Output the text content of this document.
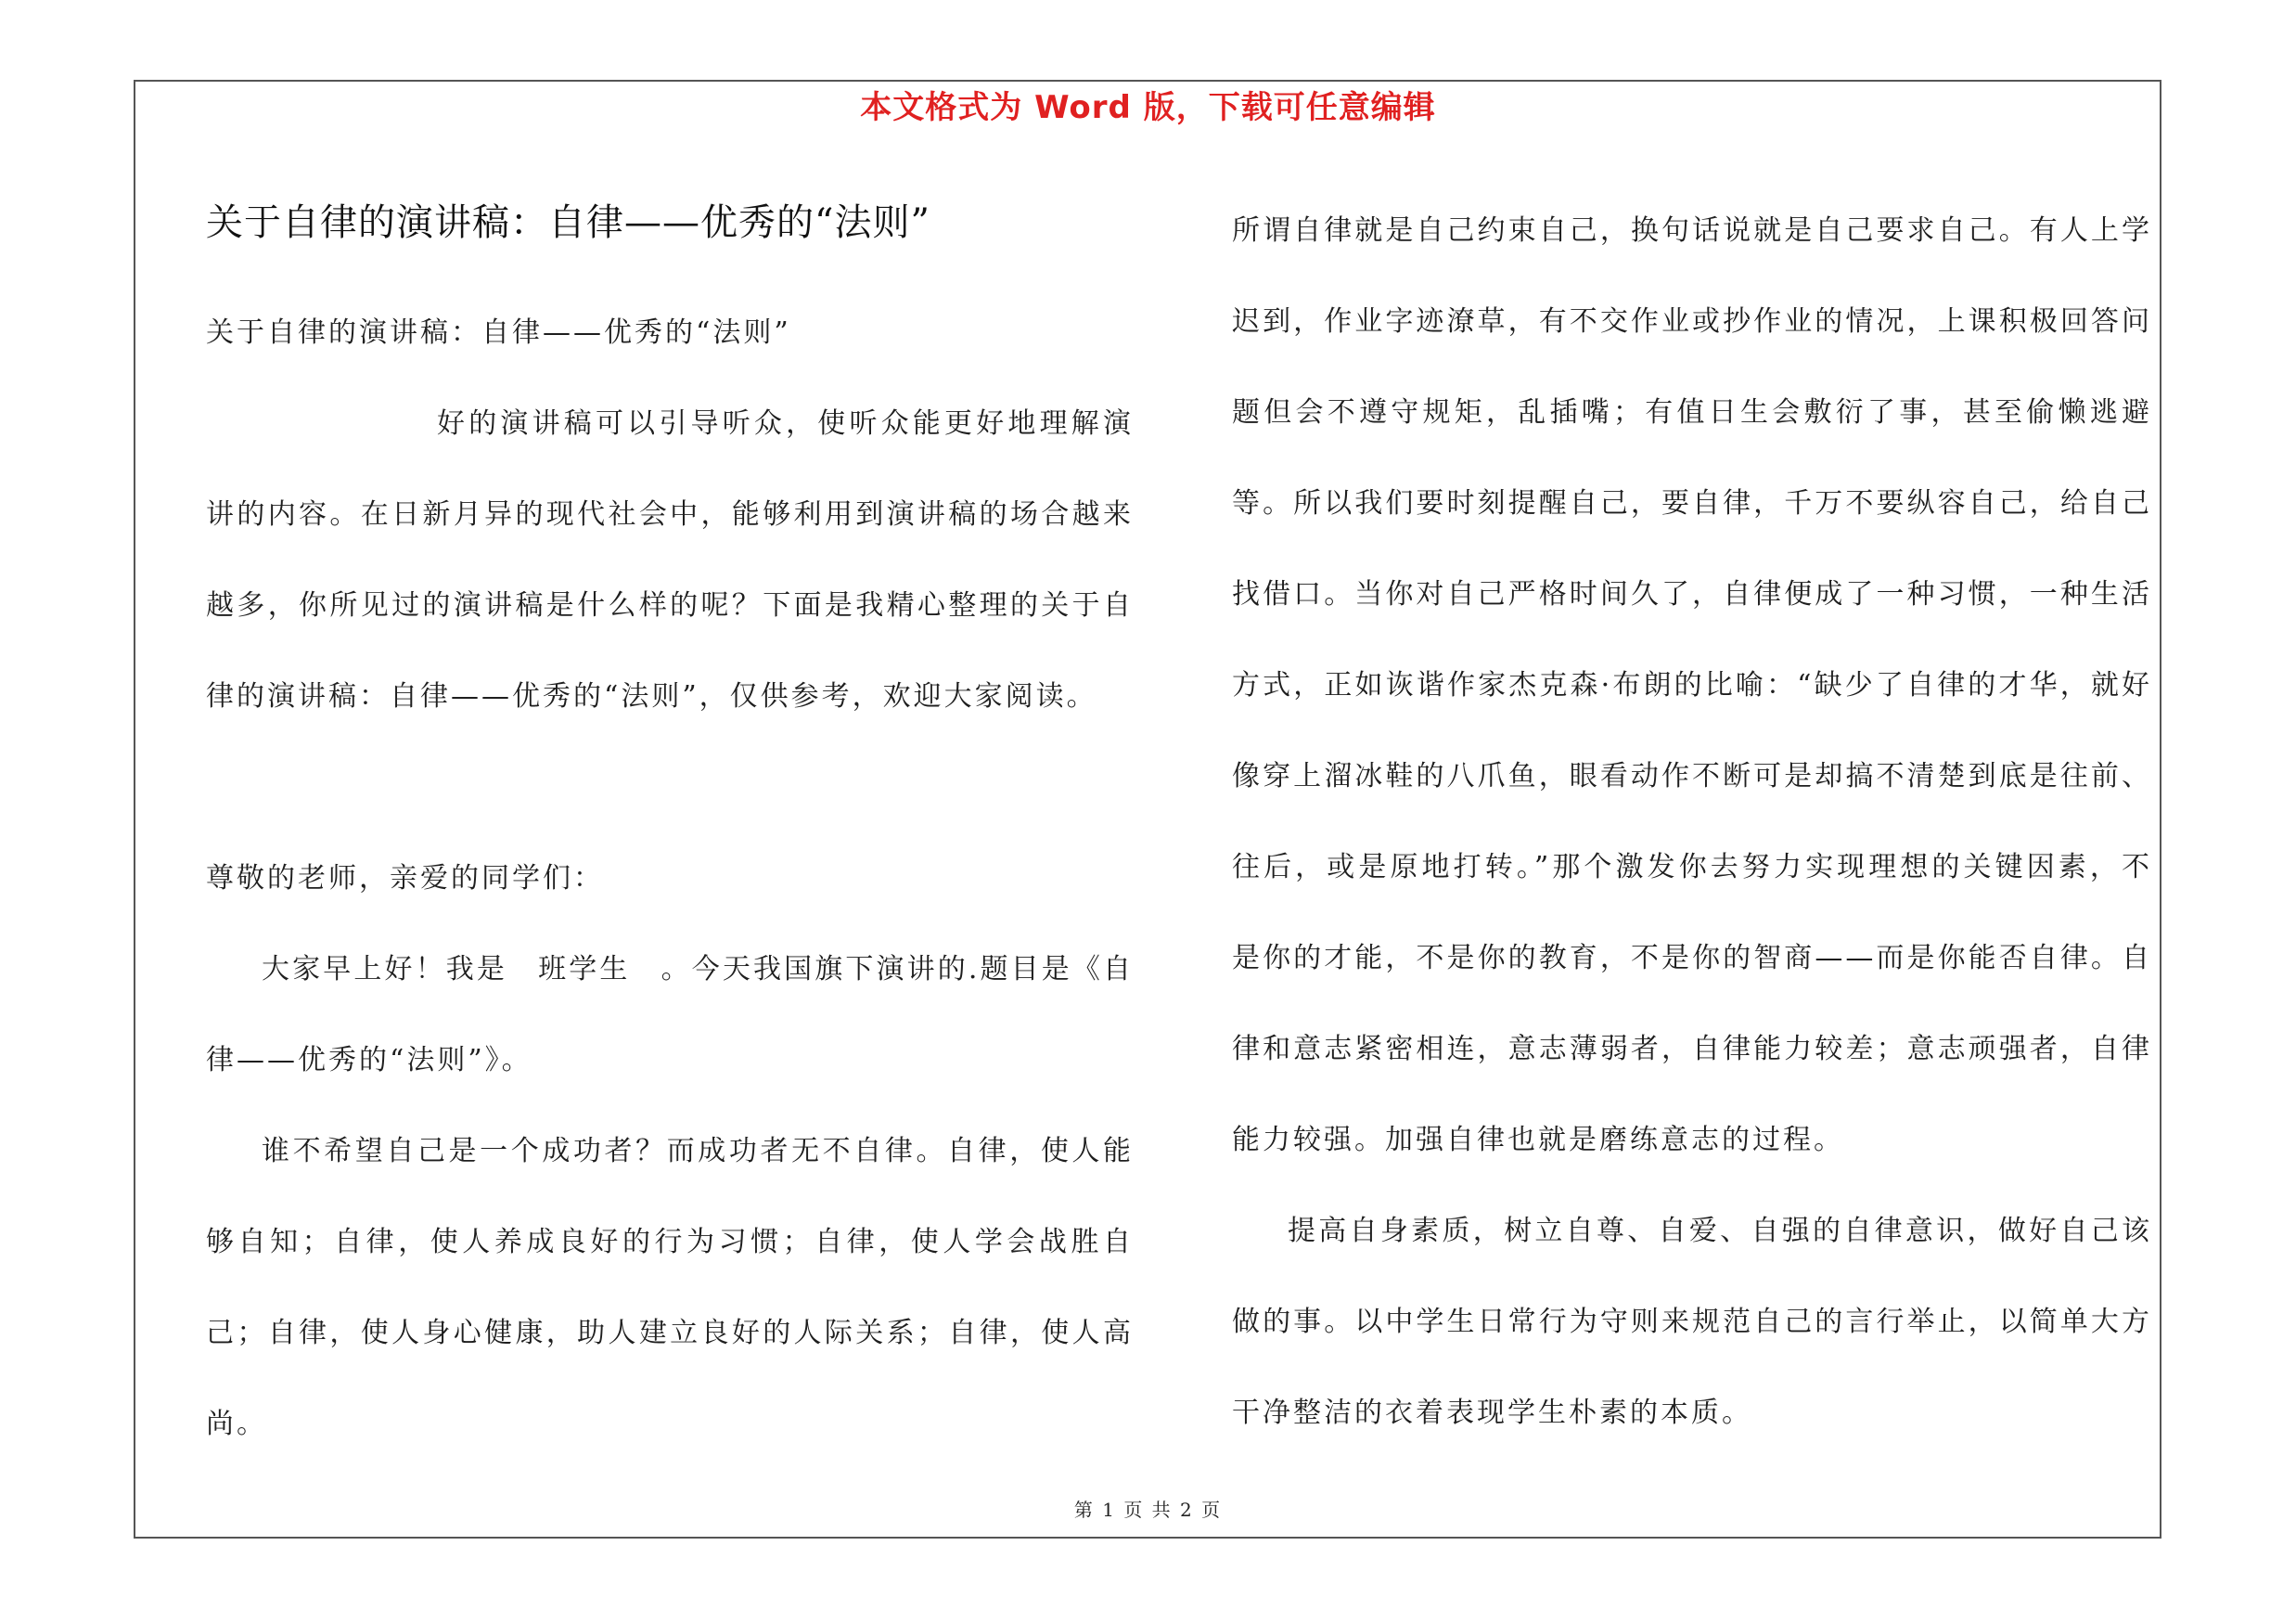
本文格式为 Word 版，下载可任意编辑
关于自律的演讲稿：自律——优秀的“法则”

关于自律的演讲稿：自律——优秀的“法则”

好的演讲稿可以引导听众，使听众能更好地理解演讲的内容。在日新月异的现代社会中，能够利用到演讲稿的场合越来越多，你所见过的演讲稿是什么样的呢？下面是我精心整理的关于自律的演讲稿：自律——优秀的“法则”，仅供参考，欢迎大家阅读。

尊敬的老师，亲爱的同学们：

大家早上好！我是　班学生　。今天我国旗下演讲的.题目是《自律——优秀的“法则”》。

谁不希望自己是一个成功者？而成功者无不自律。自律，使人能够自知；自律，使人养成良好的行为习惯；自律，使人学会战胜自己；自律，使人身心健康，助人建立良好的人际关系；自律，使人高尚。

所谓自律就是自己约束自己，换句话说就是自己要求自己。有人上学迟到，作业字迹潦草，有不交作业或抄作业的情况，上课积极回答问题但会不遵守规矩，乱插嘴；有值日生会敷衍了事，甚至偷懒逃避等。所以我们要时刻提醒自己，要自律，千万不要纵容自己，给自己找借口。当你对自己严格时间久了，自律便成了一种习惯，一种生活方式，正如诙谐作家杰克森·布朗的比喻：“缺少了自律的才华，就好像穿上溜冰鞋的八爪鱼，眼看动作不断可是却搞不清楚到底是往前、往后，或是原地打转。”那个激发你去努力实现理想的关键因素，不是你的才能，不是你的教育，不是你的智商——而是你能否自律。自律和意志紧密相连，意志薄弱者，自律能力较差；意志顽强者，自律能力较强。加强自律也就是磨练意志的过程。

提高自身素质，树立自尊、自爱、自强的自律意识，做好自己该做的事。以中学生日常行为守则来规范自己的言行举止，以简单大方干净整洁的衣着表现学生朴素的本质。

第 1 页 共 2 页
